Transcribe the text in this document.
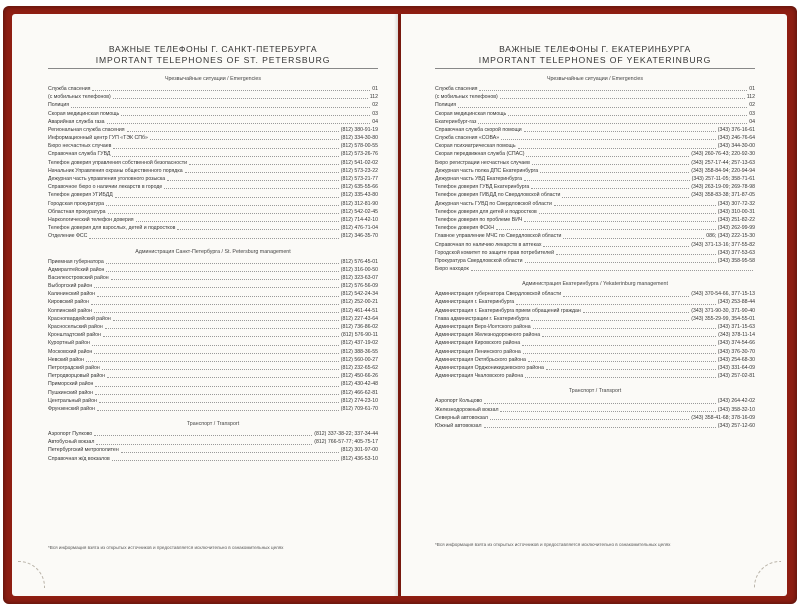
ВАЖНЫЕ ТЕЛЕФОНЫ Г. САНКТ-ПЕТЕРБУРГА
IMPORTANT TELEPHONES OF ST. PETERSBURG
Чрезвычайные ситуации / Emergencies
Служба спасения	01
(с мобильных телефонов)	112
Полиция	02
Скорая медицинская помощь	03
Аварийная служба газа	04
Региональная служба спасения	(812) 380-91-19
Информационный центр ГУП «ТЭК СПб»	(812) 334-30-80
Бюро несчастных случаев	(812) 578-00-55
Справочная служба ГУВД	(812) 573-26-76
Телефон доверия управления собственной безопасности	(812) 541-02-02
Начальник Управления охраны общественного порядка	(812) 573-23-22
Дежурная часть управления уголовного розыска	(812) 573-21-77
Справочное бюро о наличии лекарств в городе	(812) 635-55-66
Телефон доверия УГИБДД	(812) 335-43-80
Городская прокуратура	(812) 312-81-90
Областная прокуратура	(812) 542-02-45
Наркологический телефон доверия	(812) 714-42-10
Телефон доверия для взрослых, детей и подростков	(812) 476-71-04
Отделение ФСС	(812) 346-35-70
Администрация Санкт-Петербурга / St. Petersburg management
Приемная губернатора	(812) 576-45-01
Адмиралтейский район	(812) 316-00-50
Василеостровский район	(812) 323-63-07
Выборгский район	(812) 576-56-09
Калининский район	(812) 542-24-34
Кировский район	(812) 252-00-21
Колпинский район	(812) 461-44-51
Красногвардейский район	(812) 227-43-64
Красносельский район	(812) 736-86-02
Кронштадтский район	(812) 576-90-11
Курортный район	(812) 437-19-02
Московский район	(812) 388-36-55
Невский район	(812) 560-00-27
Петроградский район	(812) 232-65-62
Петродворцовый район	(812) 450-66-26
Приморский район	(812) 430-42-48
Пушкинский район	(812) 466-62-81
Центральный район	(812) 274-23-10
Фрунзенский район	(812) 709-61-70
Транспорт / Transport
Аэропорт Пулково	(812) 337-38-22; 337-34-44
Автобусный вокзал	(812) 766-57-77; 405-75-17
Петербургский метрополитен	(812) 301-97-00
Справочная ж/д вокзалов	(812) 436-53-10
*Вся информация взята из открытых источников и предоставляется исключительно в ознакомительных целях
ВАЖНЫЕ ТЕЛЕФОНЫ Г. ЕКАТЕРИНБУРГА
IMPORTANT TELEPHONES OF YEKATERINBURG
Чрезвычайные ситуации / Emergencies
Служба спасения	01
(с мобильных телефонов)	112
Полиция	02
Скорая медицинская помощь	03
Екатеринбург-газ	04
Справочная служба скорой помощи	(343) 376-16-61
Служба спасения «СОВА»	(343) 246-76-64
Скорая психиатрическая помощь	(343) 344-30-00
Скорая передвижная служба (СПАС)	(343) 260-76-43; 220-92-30
Бюро регистрации несчастных случаев	(343) 257-17-44; 257-13-63
Дежурная часть полка ДПС Екатеринбурга	(343) 358-84-94; 220-94-94
Дежурная часть УВД Екатеринбурга	(343) 257-11-05; 358-71-61
Телефон доверия ГУВД Екатеринбурга	(343) 263-19-09; 269-78-98
Телефон доверия ГИБДД по Свердловской области	(343) 358-83-38; 371-87-05
Дежурная часть ГУВД по Свердловской области	(343) 307-72-32
Телефон доверия для детей и подростков	(343) 310-00-31
Телефон доверия по проблеме ВИЧ	(343) 251-82-22
Телефон доверия ФСКН	(343) 262-99-99
Главное управление МЧС по Свердловской области	086; (343) 222-15-30
Справочная по наличию лекарств в аптеках	(343) 371-13-16; 377-55-82
Городской комитет по защите прав потребителей	(343) 377-53-63
Прокуратура Свердловской области	(343) 358-95-58
Бюро находок
Администрация Екатеринбурга / Yekaterinburg management
Администрация губернатора Свердловской области	(343) 370-54-66, 377-15-13
Администрация г. Екатеринбурга	(343) 253-88-44
Администрация г. Екатеринбурга прием обращений граждан	(343) 371-90-30, 371-90-40
Глава администрации г. Екатеринбурга	(343) 355-29-99, 354-55-01
Администрация Верх-Исетского района	(343) 371-15-63
Администрация Железнодорожного района	(343) 378-11-14
Администрация Кировского района	(343) 374-54-66
Администрация Ленинского района	(343) 376-30-70
Администрация Октябрьского района	(343) 254-68-30
Администрация Орджоникидзевского района	(343) 331-64-09
Администрация Чкаловского района	(343) 257-02-81
Транспорт / Transport
Аэропорт Кольцово	(343) 264-42-02
Железнодорожный вокзал	(343) 358-32-10
Северный автовокзал	(343) 358-41-68; 378-16-09
Южный автовокзал	(343) 257-12-60
*Вся информация взята из открытых источников и предоставляется исключительно в ознакомительных целях
